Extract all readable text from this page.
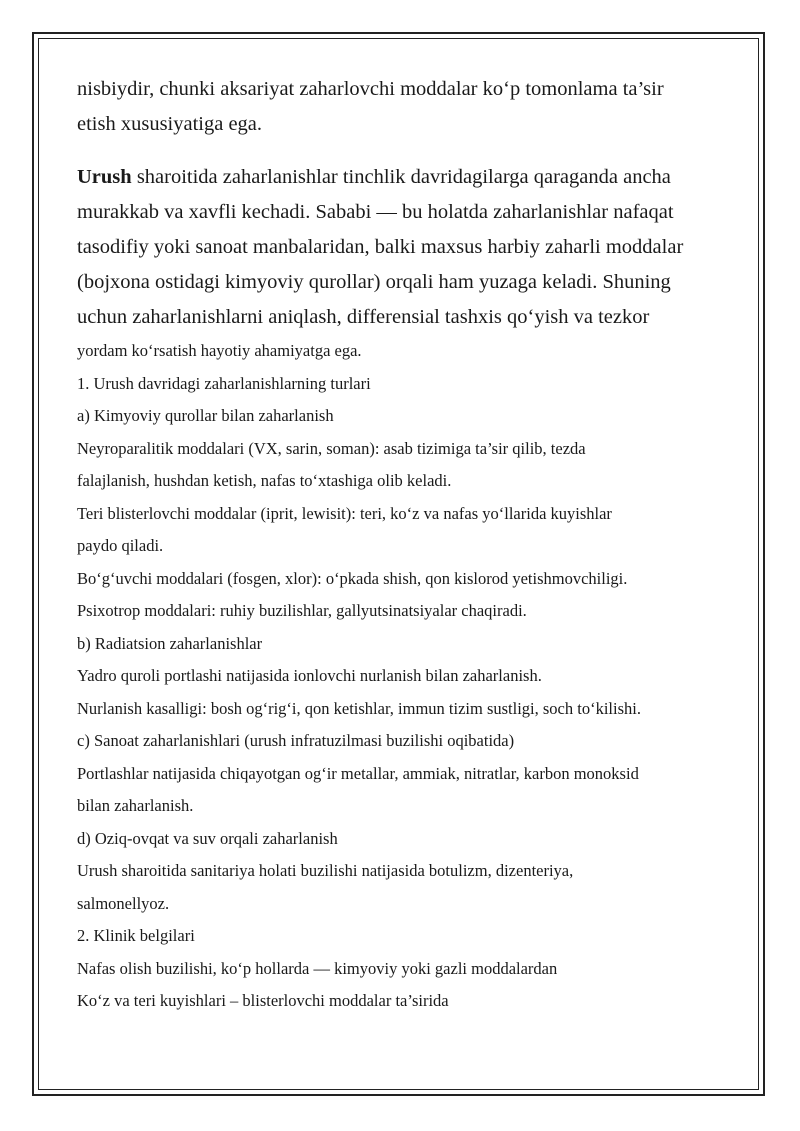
nisbiydir, chunki aksariyat zaharlovchi moddalar ko‘p tomonlama ta’sir
etish xususiyatiga ega.

Urush sharoitida zaharlanishlar tinchlik davridagilarga qaraganda ancha
murakkab va xavfli kechadi. Sababi — bu holatda zaharlanishlar nafaqat
tasodifiy yoki sanoat manbalaridan, balki maxsus harbiy zaharli moddalar
(bojxona ostidagi kimyoviy qurollar) orqali ham yuzaga keladi. Shuning
uchun zaharlanishlarni aniqlash, differensial tashxis qo‘yish va tezkor

yordam ko‘rsatish hayotiy ahamiyatga ega.
1. Urush davridagi zaharlanishlarning turlari
a) Kimyoviy qurollar bilan zaharlanish
Neyroparalitik moddalari (VX, sarin, soman): asab tizimiga ta’sir qilib, tezda
falajlanish, hushdan ketish, nafas to‘xtashiga olib keladi.
Teri blisterlovchi moddalar (iprit, lewisit): teri, ko‘z va nafas yo‘llarida kuyishlar
paydo qiladi.
Bo‘g‘uvchi moddalari (fosgen, xlor): o‘pkada shish, qon kislorod yetishmovchiligi.
Psixotrop moddalari: ruhiy buzilishlar, gallyutsinatsiyalar chaqiradi.
b) Radiatsion zaharlanishlar
Yadro quroli portlashi natijasida ionlovchi nurlanish bilan zaharlanish.
Nurlanish kasalligi: bosh og‘rig‘i, qon ketishlar, immun tizim sustligi, soch to‘kilishi.
c) Sanoat zaharlanishlari (urush infratuzilmasi buzilishi oqibatida)
Portlashlar natijasida chiqayotgan og‘ir metallar, ammiak, nitratlar, karbon monoksid
bilan zaharlanish.
d) Oziq-ovqat va suv orqali zaharlanish
Urush sharoitida sanitariya holati buzilishi natijasida botulizm, dizenteriya,
salmonellyoz.
2. Klinik belgilari
Nafas olish buzilishi, ko‘p hollarda — kimyoviy yoki gazli moddalardan
Ko‘z va teri kuyishlari – blisterlovchi moddalar ta’sirida
